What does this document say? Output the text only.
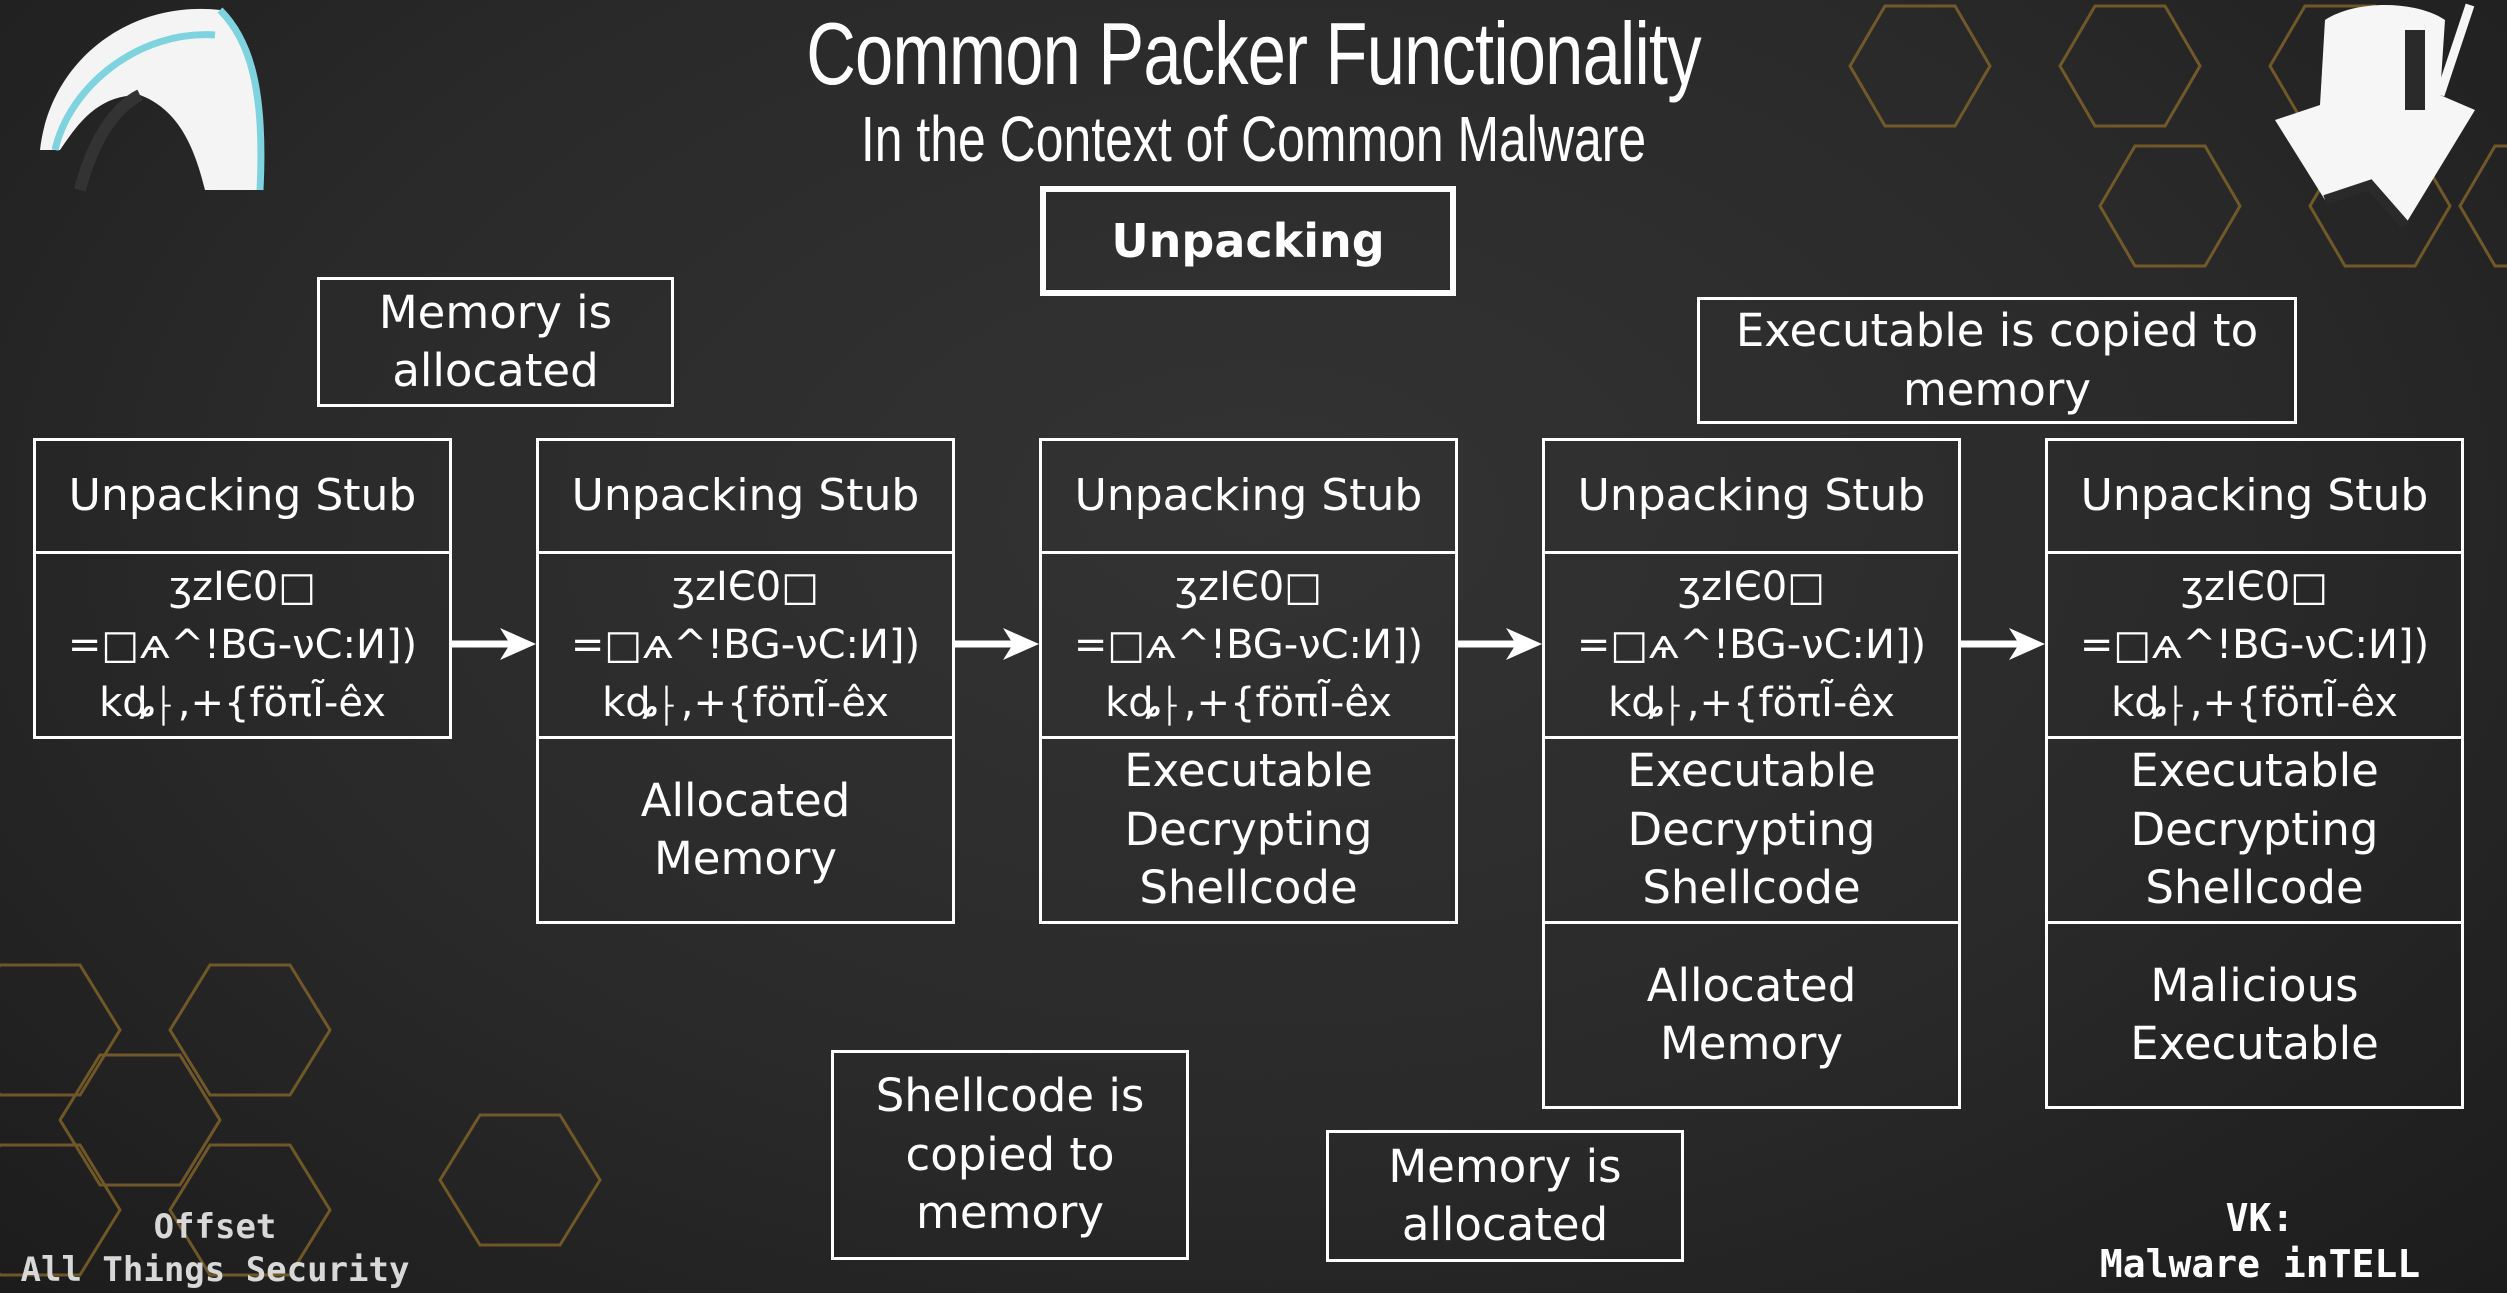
Common Packer Functionality
In the Context of Common Malware
Unpacking
Memory is
allocated
Executable is copied to
memory
Shellcode is
copied to
memory
Memory is
allocated
Unpacking Stub
ʒzIЄ0□
=□ѧ^!BG-νC:И])
kȡ⸠,+{föπĨ-êx
Unpacking Stub
ʒzIЄ0□
=□ѧ^!BG-νC:И])
kȡ⸠,+{föπĨ-êx
Allocated
Memory
Unpacking Stub
ʒzIЄ0□
=□ѧ^!BG-νC:И])
kȡ⸠,+{föπĨ-êx
Executable
Decrypting
Shellcode
Unpacking Stub
ʒzIЄ0□
=□ѧ^!BG-νC:И])
kȡ⸠,+{föπĨ-êx
Executable
Decrypting
Shellcode
Allocated
Memory
Unpacking Stub
ʒzIЄ0□
=□ѧ^!BG-νC:И])
kȡ⸠,+{föπĨ-êx
Executable
Decrypting
Shellcode
Malicious
Executable
Offset
All Things Security
VK:
Malware inTELL
